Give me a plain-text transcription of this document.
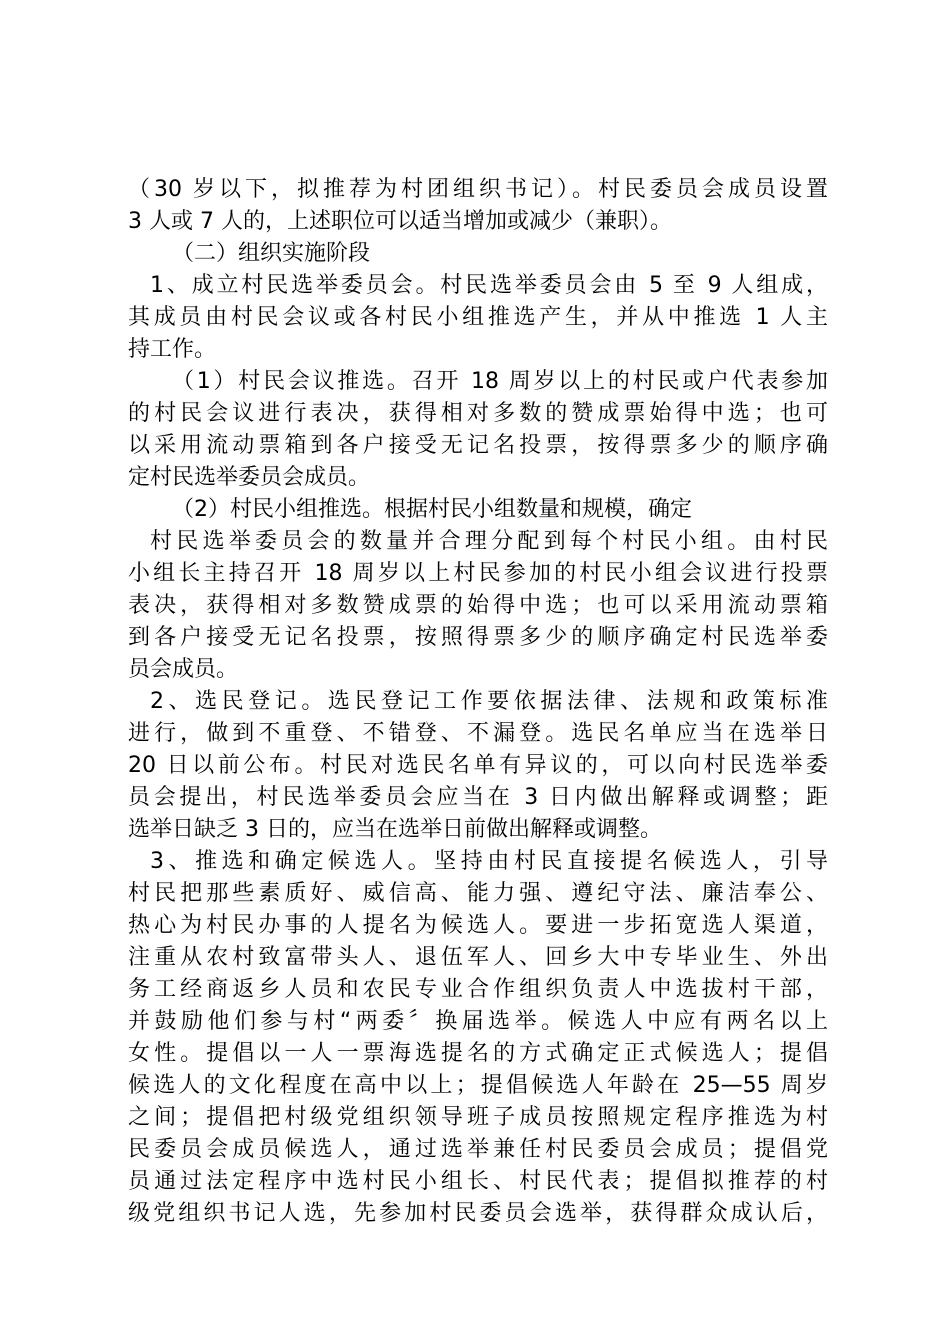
（30 岁以下，拟推荐为村团组织书记）。村民委员会成员设置
3 人或 7 人的，上述职位可以适当增加或减少（兼职）。
（二）组织实施阶段
1、成立村民选举委员会。村民选举委员会由 5 至 9 人组成，
其成员由村民会议或各村民小组推选产生，并从中推选 1 人主
持工作。
（1）村民会议推选。召开 18 周岁以上的村民或户代表参加
的村民会议进行表决，获得相对多数的赞成票始得中选；也可
以采用流动票箱到各户接受无记名投票，按得票多少的顺序确
定村民选举委员会成员。
（2）村民小组推选。根据村民小组数量和规模，确定
村民选举委员会的数量并合理分配到每个村民小组。由村民
小组长主持召开 18 周岁以上村民参加的村民小组会议进行投票
表决，获得相对多数赞成票的始得中选；也可以采用流动票箱
到各户接受无记名投票，按照得票多少的顺序确定村民选举委
员会成员。
2、选民登记。选民登记工作要依据法律、法规和政策标准
进行，做到不重登、不错登、不漏登。选民名单应当在选举日
20 日以前公布。村民对选民名单有异议的，可以向村民选举委
员会提出，村民选举委员会应当在 3 日内做出解释或调整；距
选举日缺乏 3 日的，应当在选举日前做出解释或调整。
3、推选和确定候选人。坚持由村民直接提名候选人，引导
村民把那些素质好、威信高、能力强、遵纪守法、廉洁奉公、
热心为村民办事的人提名为候选人。要进一步拓宽选人渠道，
注重从农村致富带头人、退伍军人、回乡大中专毕业生、外出
务工经商返乡人员和农民专业合作组织负责人中选拔村干部，
并鼓励他们参与村“两委〞换届选举。候选人中应有两名以上
女性。提倡以一人一票海选提名的方式确定正式候选人；提倡
候选人的文化程度在高中以上；提倡候选人年龄在 25—55 周岁
之间；提倡把村级党组织领导班子成员按照规定程序推选为村
民委员会成员候选人，通过选举兼任村民委员会成员；提倡党
员通过法定程序中选村民小组长、村民代表；提倡拟推荐的村
级党组织书记人选，先参加村民委员会选举，获得群众成认后，
